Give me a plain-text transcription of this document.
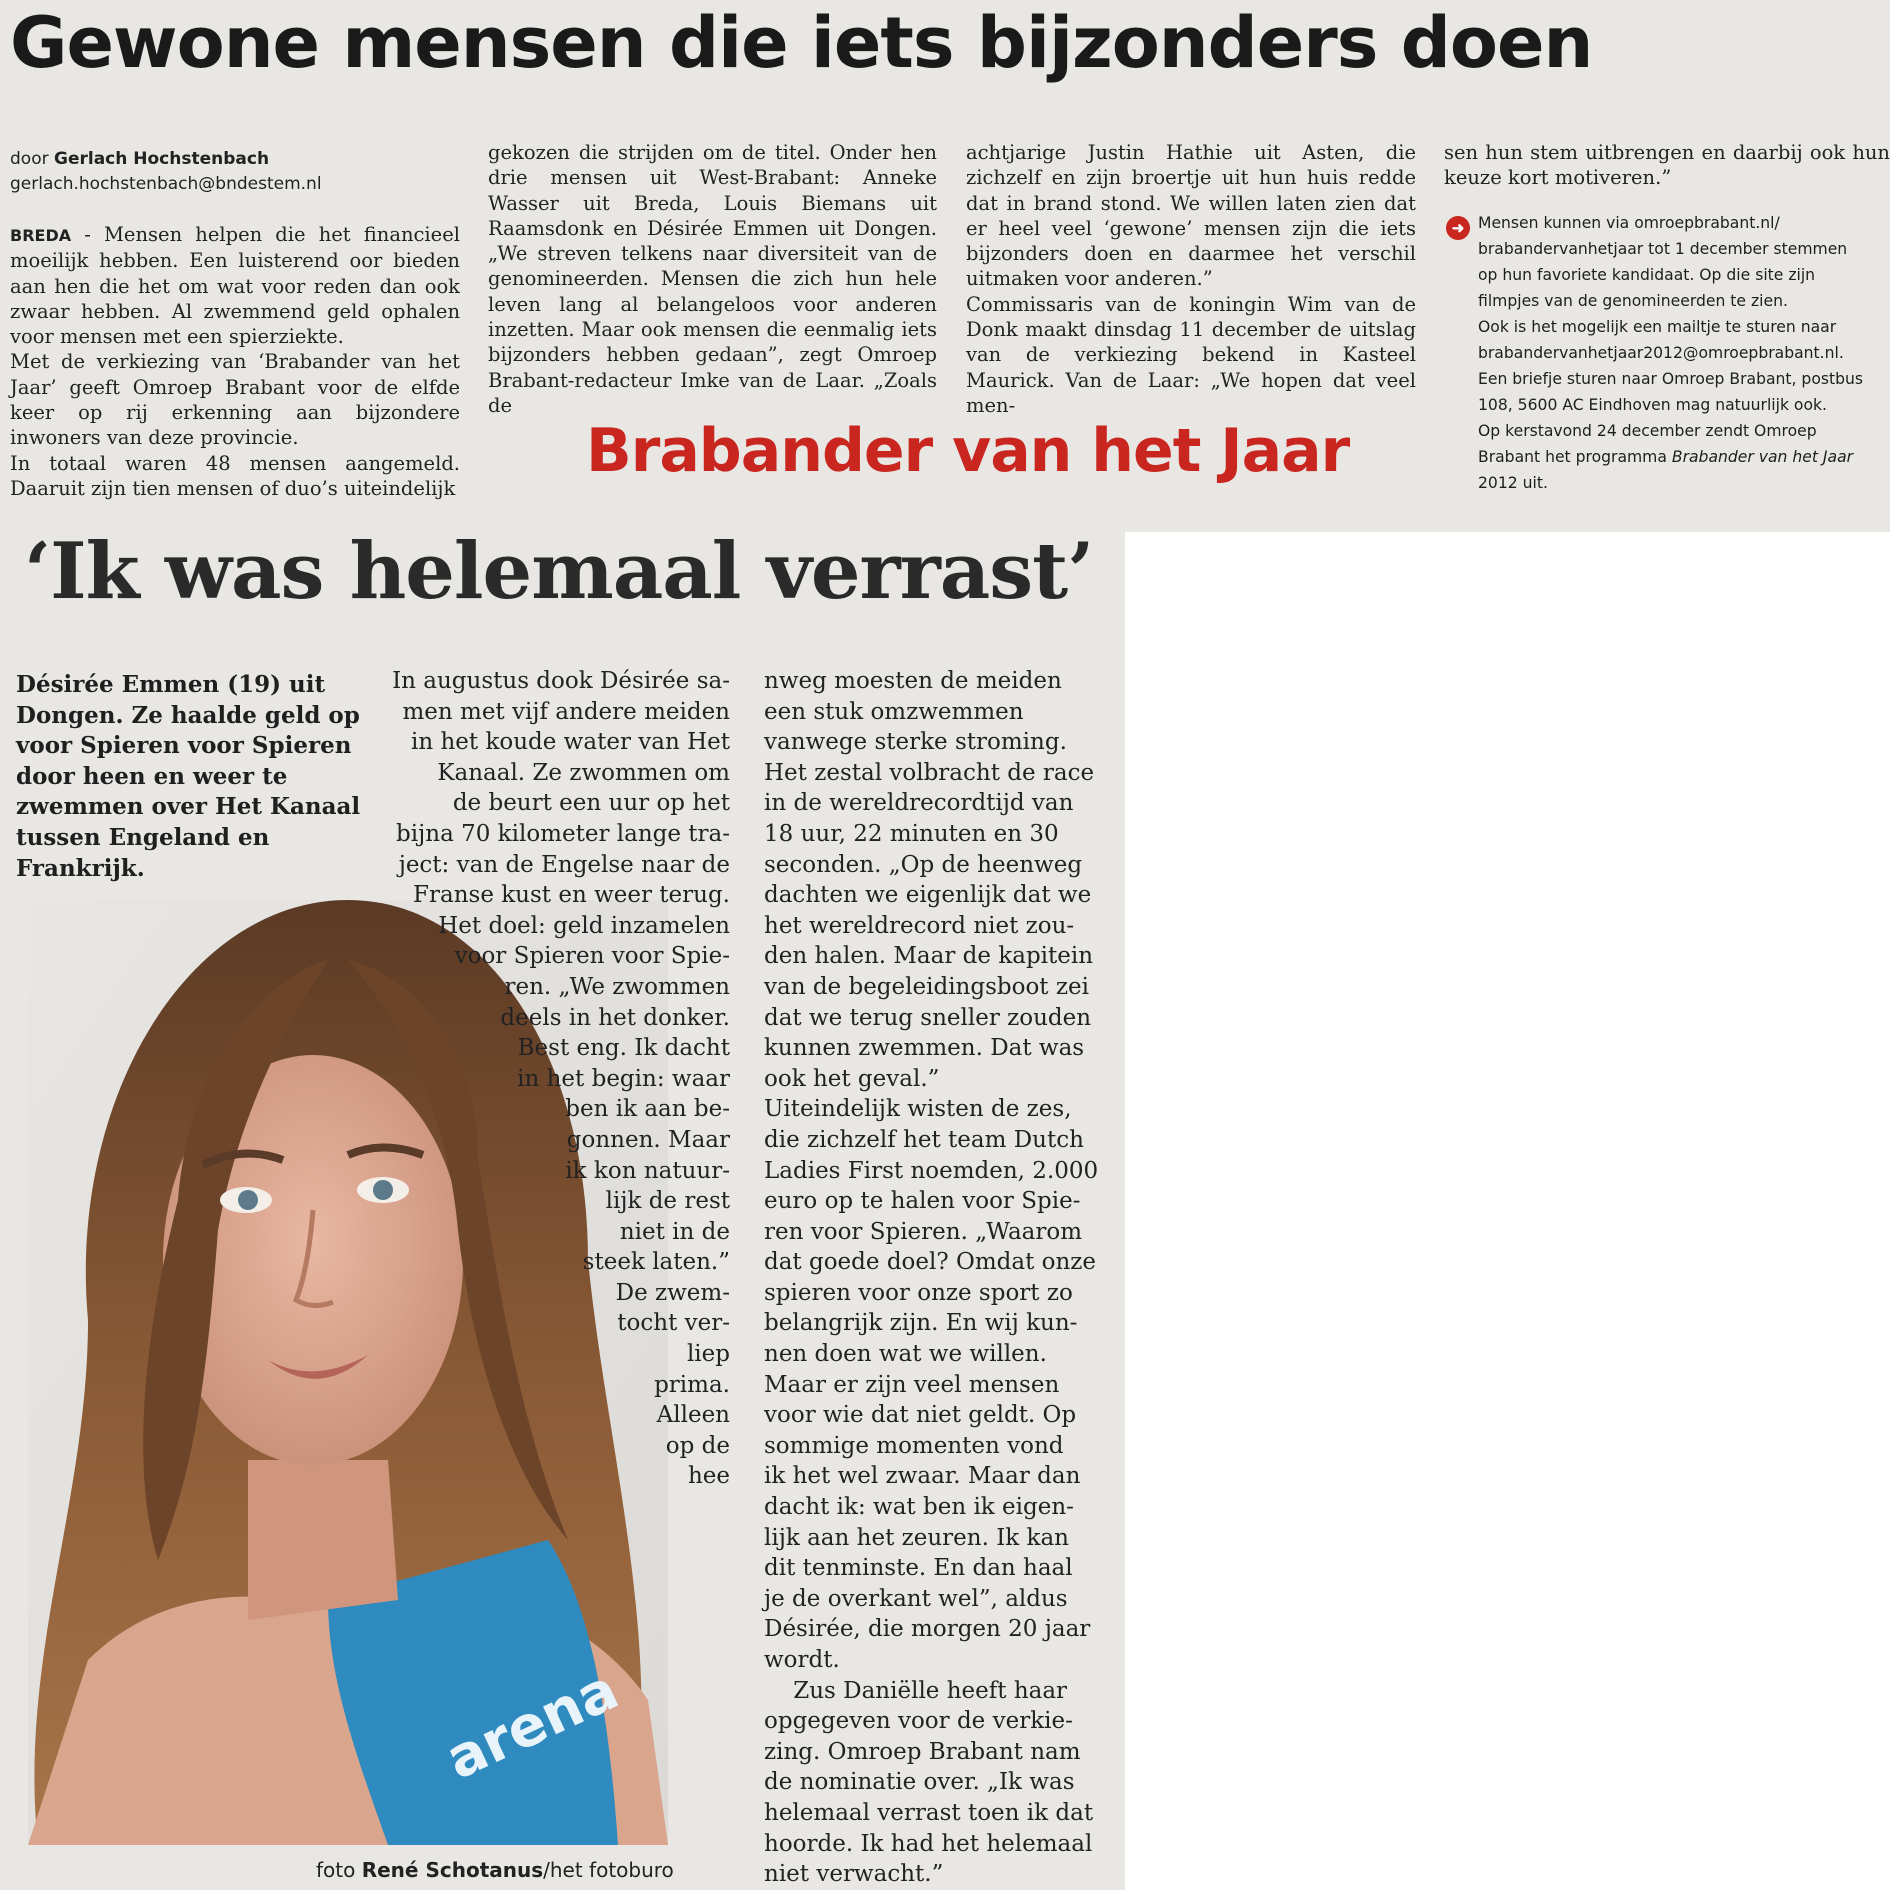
Gewone mensen die iets bijzonders doen
door Gerlach Hochstenbach
gerlach.hochstenbach@bndestem.nl

BREDA - Mensen helpen die het financieel moeilijk hebben. Een luisterend oor bieden aan hen die het om wat voor reden dan ook zwaar hebben. Al zwemmend geld ophalen voor mensen met een spierziekte.

Met de verkiezing van ‘Brabander van het Jaar’ geeft Omroep Brabant voor de elfde keer op rij erkenning aan bijzondere inwoners van deze provincie.

In totaal waren 48 mensen aangemeld. Daaruit zijn tien mensen of duo’s uiteindelijk

gekozen die strijden om de titel. Onder hen drie mensen uit West-Brabant: Anneke Wasser uit Breda, Louis Biemans uit Raamsdonk en Désirée Emmen uit Dongen. „We streven telkens naar diversiteit van de genomineerden. Mensen die zich hun hele leven lang al belangeloos voor anderen inzetten. Maar ook mensen die eenmalig iets bijzonders hebben gedaan”, zegt Omroep Brabant-redacteur Imke van de Laar. „Zoals de

achtjarige Justin Hathie uit Asten, die zichzelf en zijn broertje uit hun huis redde dat in brand stond. We willen laten zien dat er heel veel ‘gewone’ mensen zijn die iets bijzonders doen en daarmee het verschil uitmaken voor anderen.”

Commissaris van de koningin Wim van de Donk maakt dinsdag 11 december de uitslag van de verkiezing bekend in Kasteel Maurick. Van de Laar: „We hopen dat veel men-

sen hun stem uitbrengen en daarbij ook hun keuze kort motiveren.”

Brabander van het Jaar
➜ Mensen kunnen via omroepbrabant.nl/

brabandervanhetjaar tot 1 december stemmen

op hun favoriete kandidaat. Op die site zijn

filmpjes van de genomineerden te zien.

Ook is het mogelijk een mailtje te sturen naar

brabandervanhetjaar2012@omroepbrabant.nl.

Een briefje sturen naar Omroep Brabant, postbus

108, 5600 AC Eindhoven mag natuurlijk ook.

Op kerstavond 24 december zendt Omroep

Brabant het programma Brabander van het Jaar

2012 uit.

‘Ik was helemaal verrast’

Désirée Emmen (19) uit Dongen. Ze haalde geld op voor Spieren voor Spieren door heen en weer te zwemmen over Het Kanaal tussen Engeland en Frankrijk.

arena
In augustus dook Désirée sa-
men met vijf andere meiden
in het koude water van Het
Kanaal. Ze zwommen om
de beurt een uur op het
bijna 70 kilometer lange tra-
ject: van de Engelse naar de
Franse kust en weer terug.
Het doel: geld inzamelen
voor Spieren voor Spie-
ren. „We zwommen
deels in het donker.
Best eng. Ik dacht
in het begin: waar
ben ik aan be-
gonnen. Maar
ik kon natuur-
lijk de rest
niet in de
steek laten.”
De zwem-
tocht ver-
liep
prima.
Alleen
op de
hee
nweg moesten de meiden
een stuk omzwemmen
vanwege sterke stroming.
Het zestal volbracht de race
in de wereldrecordtijd van
18 uur, 22 minuten en 30
seconden. „Op de heenweg
dachten we eigenlijk dat we
het wereldrecord niet zou-
den halen. Maar de kapitein
van de begeleidingsboot zei
dat we terug sneller zouden
kunnen zwemmen. Dat was
ook het geval.”
Uiteindelijk wisten de zes,
die zichzelf het team Dutch
Ladies First noemden, 2.000
euro op te halen voor Spie-
ren voor Spieren. „Waarom
dat goede doel? Omdat onze
spieren voor onze sport zo
belangrijk zijn. En wij kun-
nen doen wat we willen.
Maar er zijn veel mensen
voor wie dat niet geldt. Op
sommige momenten vond
ik het wel zwaar. Maar dan
dacht ik: wat ben ik eigen-
lijk aan het zeuren. Ik kan
dit tenminste. En dan haal
je de overkant wel”, aldus
Désirée, die morgen 20 jaar
wordt.
Zus Daniëlle heeft haar
opgegeven voor de verkie-
zing. Omroep Brabant nam
de nominatie over. „Ik was
helemaal verrast toen ik dat
hoorde. Ik had het helemaal
niet verwacht.”

foto René Schotanus/het fotoburo
